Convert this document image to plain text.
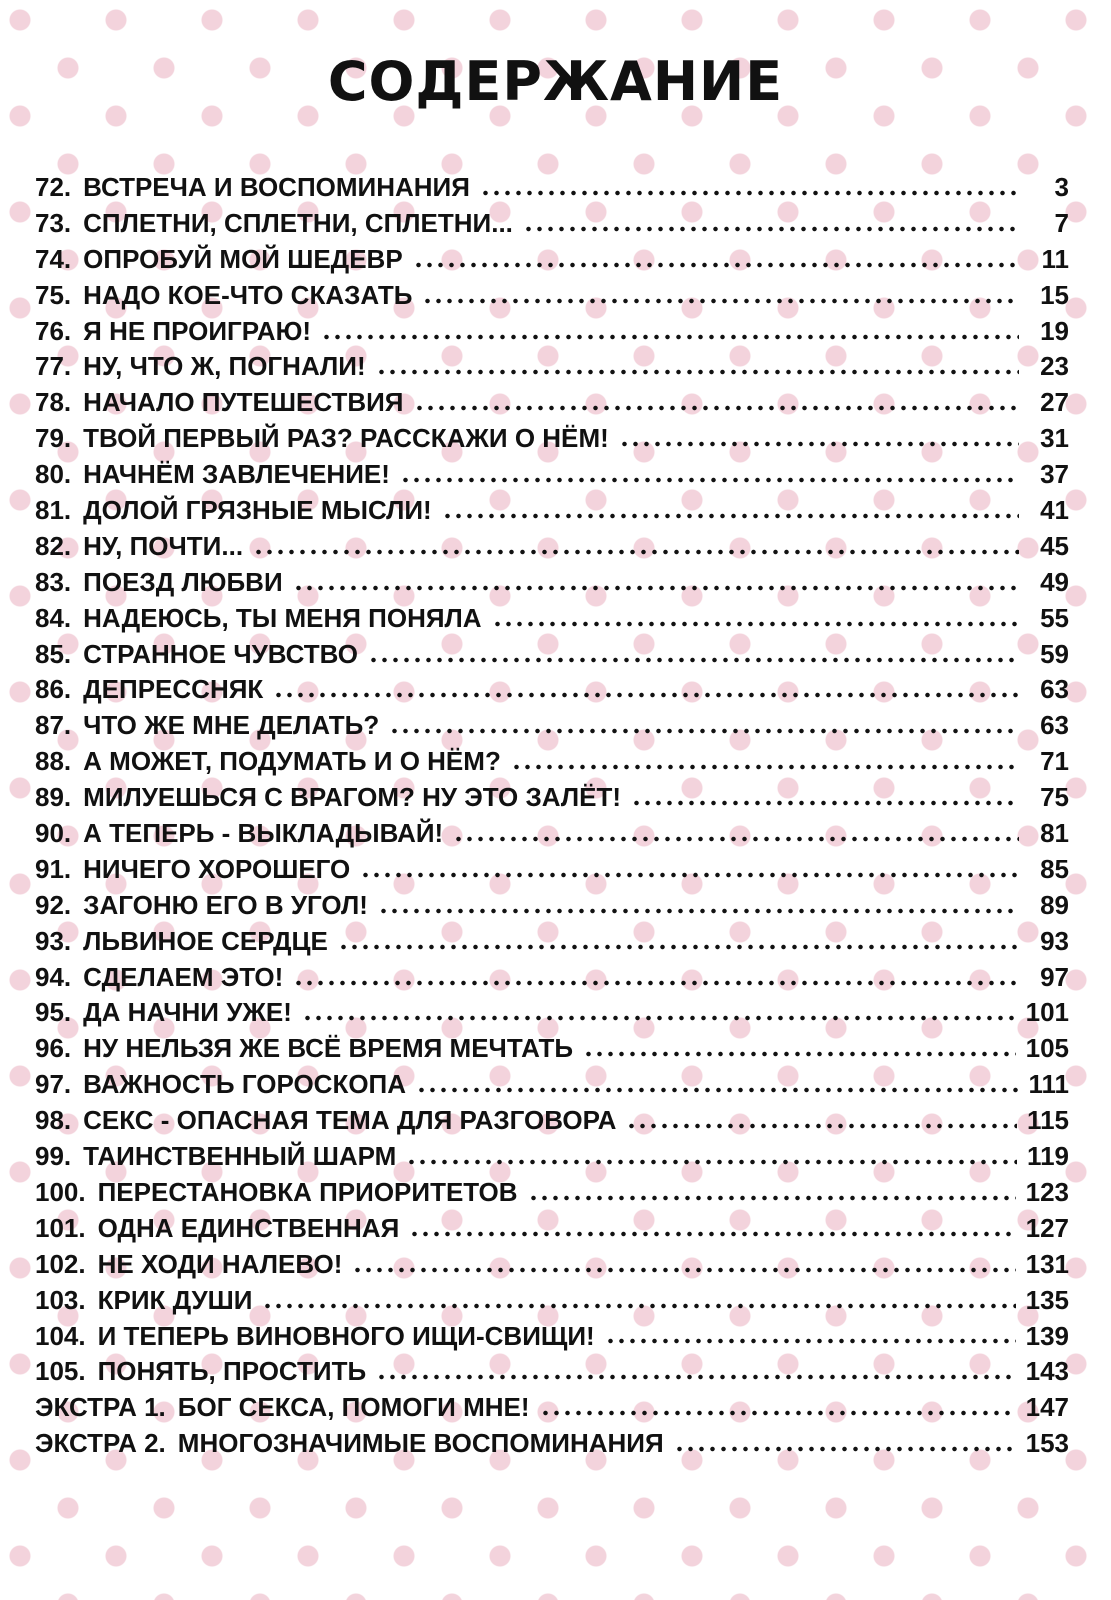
СОДЕРЖАНИЕ
72. ВСТРЕЧА И ВОСПОМИНАНИЯ	3
73. СПЛЕТНИ, СПЛЕТНИ, СПЛЕТНИ...	7
74. ОПРОБУЙ МОЙ ШЕДЕВР	11
75. НАДО КОЕ-ЧТО СКАЗАТЬ	15
76. Я НЕ ПРОИГРАЮ!	19
77. НУ, ЧТО Ж, ПОГНАЛИ!	23
78. НАЧАЛО ПУТЕШЕСТВИЯ	27
79. ТВОЙ ПЕРВЫЙ РАЗ? РАССКАЖИ О НЁМ!	31
80. НАЧНЁМ ЗАВЛЕЧЕНИЕ!	37
81. ДОЛОЙ ГРЯЗНЫЕ МЫСЛИ!	41
82. НУ, ПОЧТИ...	45
83. ПОЕЗД ЛЮБВИ	49
84. НАДЕЮСЬ, ТЫ МЕНЯ ПОНЯЛА	55
85. СТРАННОЕ ЧУВСТВО	59
86. ДЕПРЕССНЯК	63
87. ЧТО ЖЕ МНЕ ДЕЛАТЬ?	63
88. А МОЖЕТ, ПОДУМАТЬ И О НЁМ?	71
89. МИЛУЕШЬСЯ С ВРАГОМ? НУ ЭТО ЗАЛЁТ!	75
90. А ТЕПЕРЬ - ВЫКЛАДЫВАЙ!	81
91. НИЧЕГО ХОРОШЕГО	85
92. ЗАГОНЮ ЕГО В УГОЛ!	89
93. ЛЬВИНОЕ СЕРДЦЕ	93
94. СДЕЛАЕМ ЭТО!	97
95. ДА НАЧНИ УЖЕ!	101
96. НУ НЕЛЬЗЯ ЖЕ ВСЁ ВРЕМЯ МЕЧТАТЬ	105
97. ВАЖНОСТЬ ГОРОСКОПА	111
98. СЕКС - ОПАСНАЯ ТЕМА ДЛЯ РАЗГОВОРА	115
99. ТАИНСТВЕННЫЙ ШАРМ	119
100. ПЕРЕСТАНОВКА ПРИОРИТЕТОВ	123
101. ОДНА ЕДИНСТВЕННАЯ	127
102. НЕ ХОДИ НАЛЕВО!	131
103. КРИК ДУШИ	135
104. И ТЕПЕРЬ ВИНОВНОГО ИЩИ-СВИЩИ!	139
105. ПОНЯТЬ, ПРОСТИТЬ	143
ЭКСТРА 1. БОГ СЕКСА, ПОМОГИ МНЕ!	147
ЭКСТРА 2. МНОГОЗНАЧИМЫЕ ВОСПОМИНАНИЯ	153
